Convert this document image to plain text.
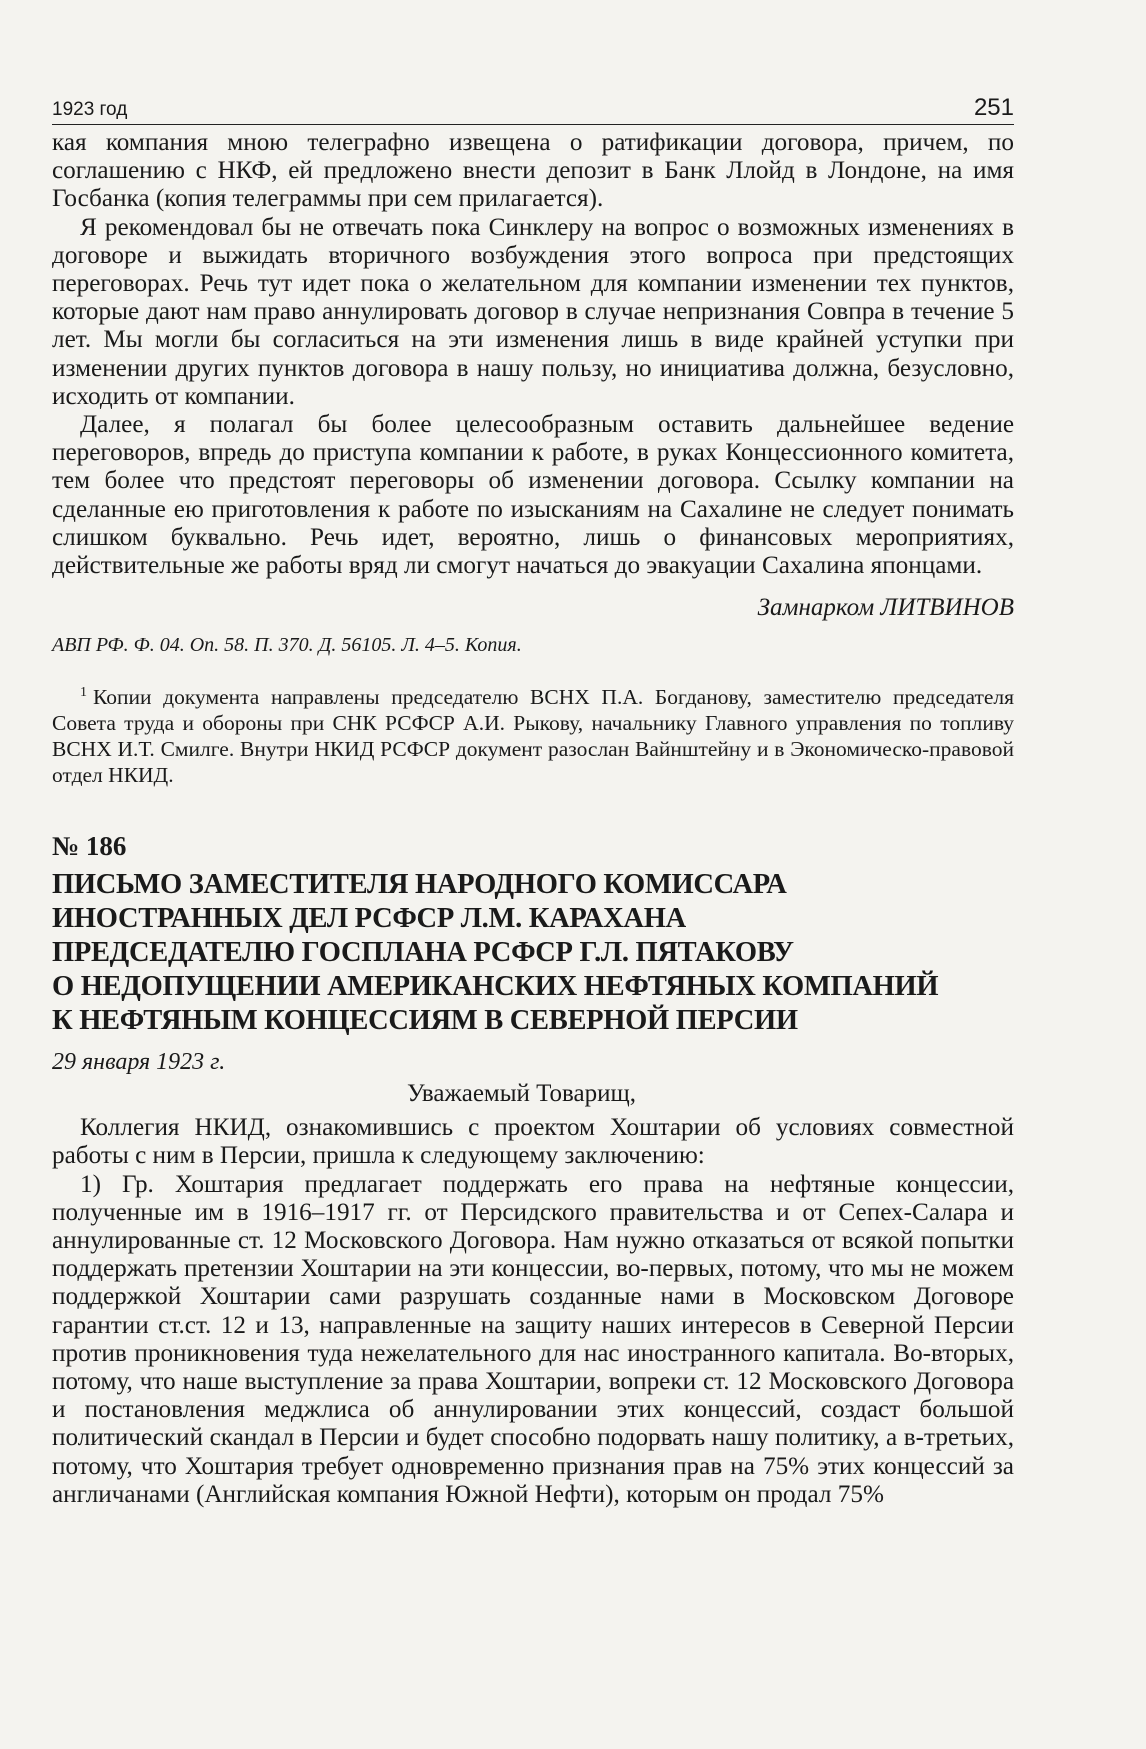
1923 год	251

кая компания мною телеграфно извещена о ратификации договора, причем, по соглашению с НКФ, ей предложено внести депозит в Банк Ллойд в Лондоне, на имя Госбанка (копия телеграммы при сем прилагается).

Я рекомендовал бы не отвечать пока Синклеру на вопрос о возможных изменениях в договоре и выжидать вторичного возбуждения этого вопроса при предстоящих переговорах. Речь тут идет пока о желательном для компании изменении тех пунктов, которые дают нам право аннулировать договор в случае непризнания Совпра в течение 5 лет. Мы могли бы согласиться на эти изменения лишь в виде крайней уступки при изменении других пунктов договора в нашу пользу, но инициатива должна, безусловно, исходить от компании.

Далее, я полагал бы более целесообразным оставить дальнейшее ведение переговоров, впредь до приступа компании к работе, в руках Концессионного комитета, тем более что предстоят переговоры об изменении договора. Ссылку компании на сделанные ею приготовления к работе по изысканиям на Сахалине не следует понимать слишком буквально. Речь идет, вероятно, лишь о финансовых мероприятиях, действительные же работы вряд ли смогут начаться до эвакуации Сахалина японцами.

Замнарком ЛИТВИНОВ
АВП РФ. Ф. 04. Оп. 58. П. 370. Д. 56105. Л. 4–5. Копия.
$^1$ Копии документа направлены председателю ВСНХ П.А. Богданову, заместителю председателя Совета труда и обороны при СНК РСФСР А.И. Рыкову, начальнику Главного управления по топливу ВСНХ И.Т. Смилге. Внутри НКИД РСФСР документ разослан Вайнштейну и в Экономическо-правовой отдел НКИД.
№ 186
ПИСЬМО ЗАМЕСТИТЕЛЯ НАРОДНОГО КОМИССАРА
ИНОСТРАННЫХ ДЕЛ РСФСР Л.М. КАРАХАНА
ПРЕДСЕДАТЕЛЮ ГОСПЛАНА РСФСР Г.Л. ПЯТАКОВУ
О НЕДОПУЩЕНИИ АМЕРИКАНСКИХ НЕФТЯНЫХ КОМПАНИЙ
К НЕФТЯНЫМ КОНЦЕССИЯМ В СЕВЕРНОЙ ПЕРСИИ
29 января 1923 г.
Уважаемый Товарищ,

Коллегия НКИД, ознакомившись с проектом Хоштарии об условиях совместной работы с ним в Персии, пришла к следующему заключению:

1) Гр. Хоштария предлагает поддержать его права на нефтяные концессии, полученные им в 1916–1917 гг. от Персидского правительства и от Сепех-Салара и аннулированные ст. 12 Московского Договора. Нам нужно отказаться от всякой попытки поддержать претензии Хоштарии на эти концессии, во-первых, потому, что мы не можем поддержкой Хоштарии сами разрушать созданные нами в Московском Договоре гарантии ст.ст. 12 и 13, направленные на защиту наших интересов в Северной Персии против проникновения туда нежелательного для нас иностранного капитала. Во-вторых, потому, что наше выступление за права Хоштарии, вопреки ст. 12 Московского Договора и постановления меджлиса об аннулировании этих концессий, создаст большой политический скандал в Персии и будет способно подорвать нашу политику, а в-третьих, потому, что Хоштария требует одновременно признания прав на 75% этих концессий за англичанами (Английская компания Южной Нефти), которым он продал 75%
